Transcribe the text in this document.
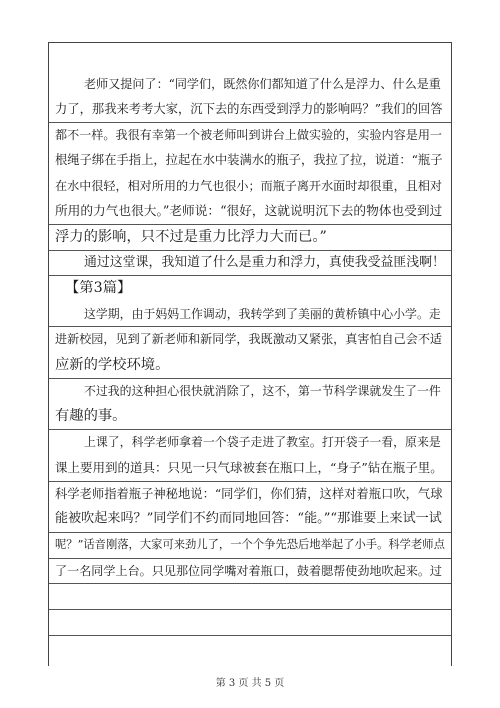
老师又提问了：“同学们，既然你们都知道了什么是浮力、什么是重
力了，那我来考考大家，沉下去的东西受到浮力的影响吗？”我们的回答
都不一样。我很有幸第一个被老师叫到讲台上做实验的，实验内容是用一
根绳子绑在手指上，拉起在水中装满水的瓶子，我拉了拉，说道：“瓶子
在水中很轻，相对所用的力气也很小；而瓶子离开水面时却很重，且相对
所用的力气也很大。”老师说：“很好，这就说明沉下去的物体也受到过
浮力的影响，只不过是重力比浮力大而已。”
通过这堂课，我知道了什么是重力和浮力，真使我受益匪浅啊！
【第3篇】
这学期，由于妈妈工作调动，我转学到了美丽的黄桥镇中心小学。走
进新校园，见到了新老师和新同学，我既激动又紧张，真害怕自己会不适
应新的学校环境。
不过我的这种担心很快就消除了，这不，第一节科学课就发生了一件
有趣的事。
上课了，科学老师拿着一个袋子走进了教室。打开袋子一看，原来是
课上要用到的道具：只见一只气球被套在瓶口上，“身子”钻在瓶子里。
科学老师指着瓶子神秘地说：“同学们，你们猜，这样对着瓶口吹，气球
能被吹起来吗？”同学们不约而同地回答：“能。”“那谁要上来试一试
呢？”话音刚落，大家可来劲儿了，一个个争先恐后地举起了小手。科学老师点
了一名同学上台。只见那位同学嘴对着瓶口，鼓着腮帮使劲地吹起来。过
第 3 页 共 5 页
